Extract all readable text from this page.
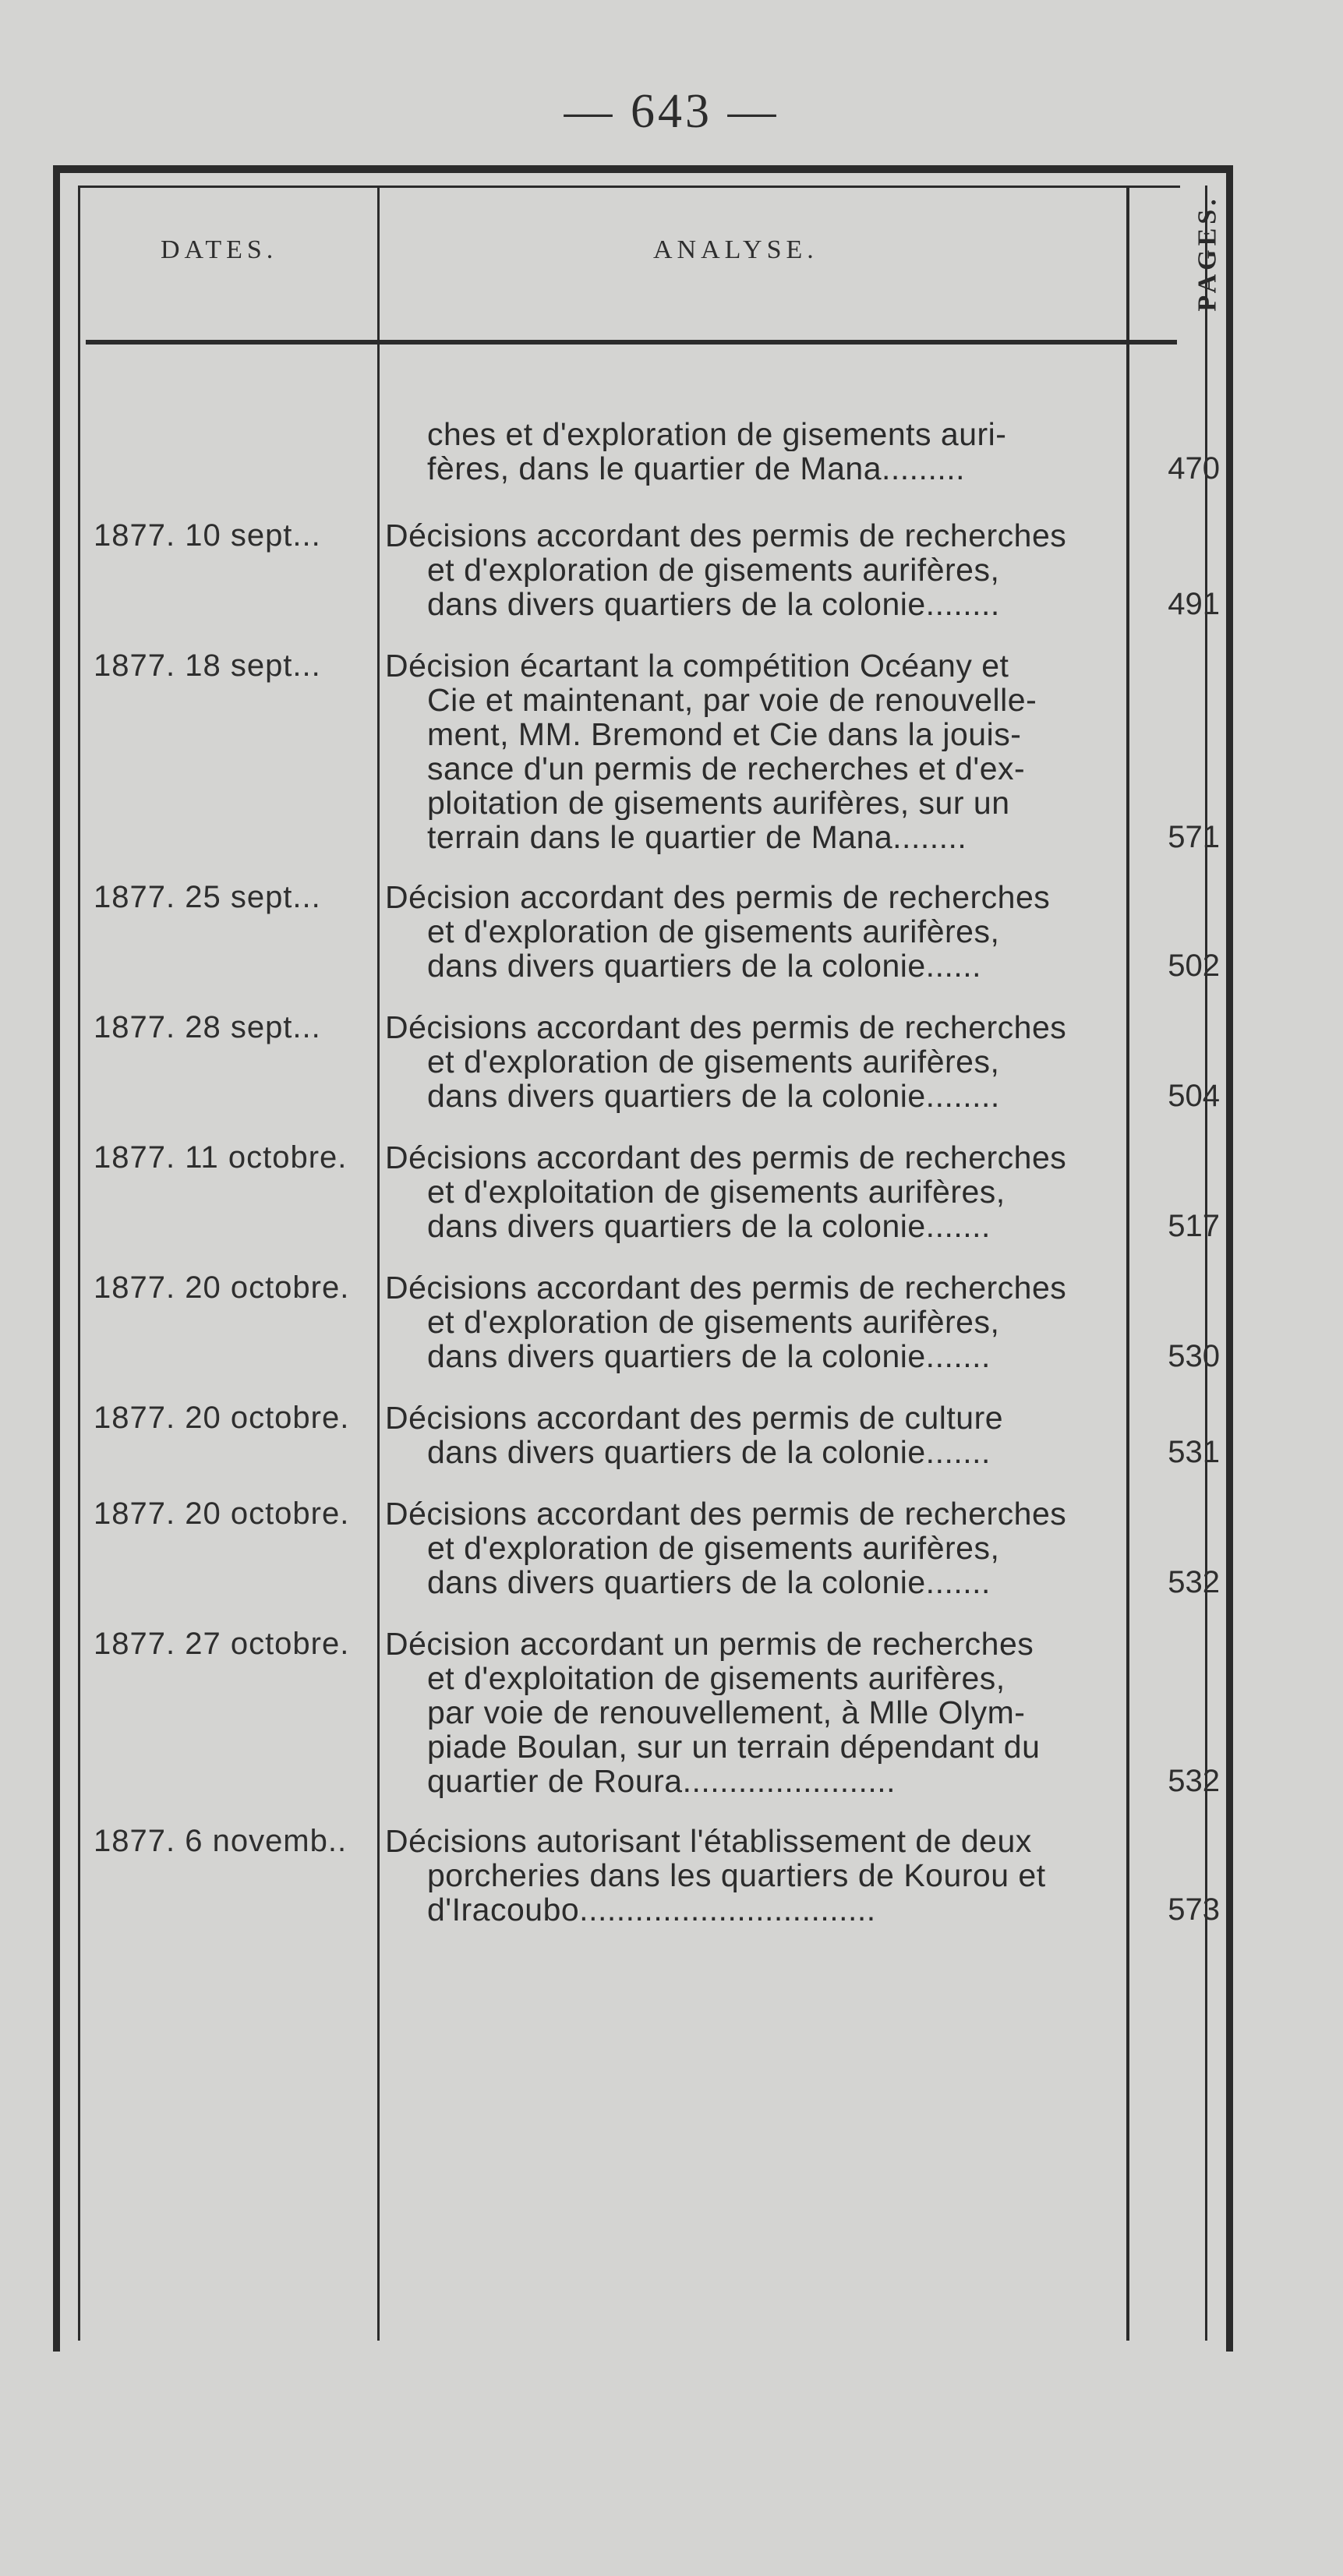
— 643 —
DATES.	ANALYSE.	PAGES.
ches et d'exploration de gisements auri-
fères, dans le quartier de Mana.........	470
1877. 10 sept... Décisions accordant des permis de recherches
et d'exploration de gisements aurifères,
dans divers quartiers de la colonie........	491
1877. 18 sept... Décision écartant la compétition Océany et
Cie et maintenant, par voie de renouvelle-
ment, MM. Bremond et Cie dans la jouis-
sance d'un permis de recherches et d'ex-
ploitation de gisements aurifères, sur un
terrain dans le quartier de Mana........	571
1877. 25 sept... Décision accordant des permis de recherches
et d'exploration de gisements aurifères,
dans divers quartiers de la colonie......	502
1877. 28 sept... Décisions accordant des permis de recherches
et d'exploration de gisements aurifères,
dans divers quartiers de la colonie........	504
1877. 11 octobre. Décisions accordant des permis de recherches
et d'exploitation de gisements aurifères,
dans divers quartiers de la colonie.......	517
1877. 20 octobre. Décisions accordant des permis de recherches
et d'exploration de gisements aurifères,
dans divers quartiers de la colonie.......	530
1877. 20 octobre. Décisions accordant des permis de culture
dans divers quartiers de la colonie.......	531
1877. 20 octobre. Décisions accordant des permis de recherches
et d'exploration de gisements aurifères,
dans divers quartiers de la colonie.......	532
1877. 27 octobre. Décision accordant un permis de recherches
et d'exploitation de gisements aurifères,
par voie de renouvellement, à Mlle Olym-
piade Boulan, sur un terrain dépendant du
quartier de Roura.......................	532
1877. 6 novemb.. Décisions autorisant l'établissement de deux
porcheries dans les quartiers de Kourou et
d'Iracoubo................................	573
